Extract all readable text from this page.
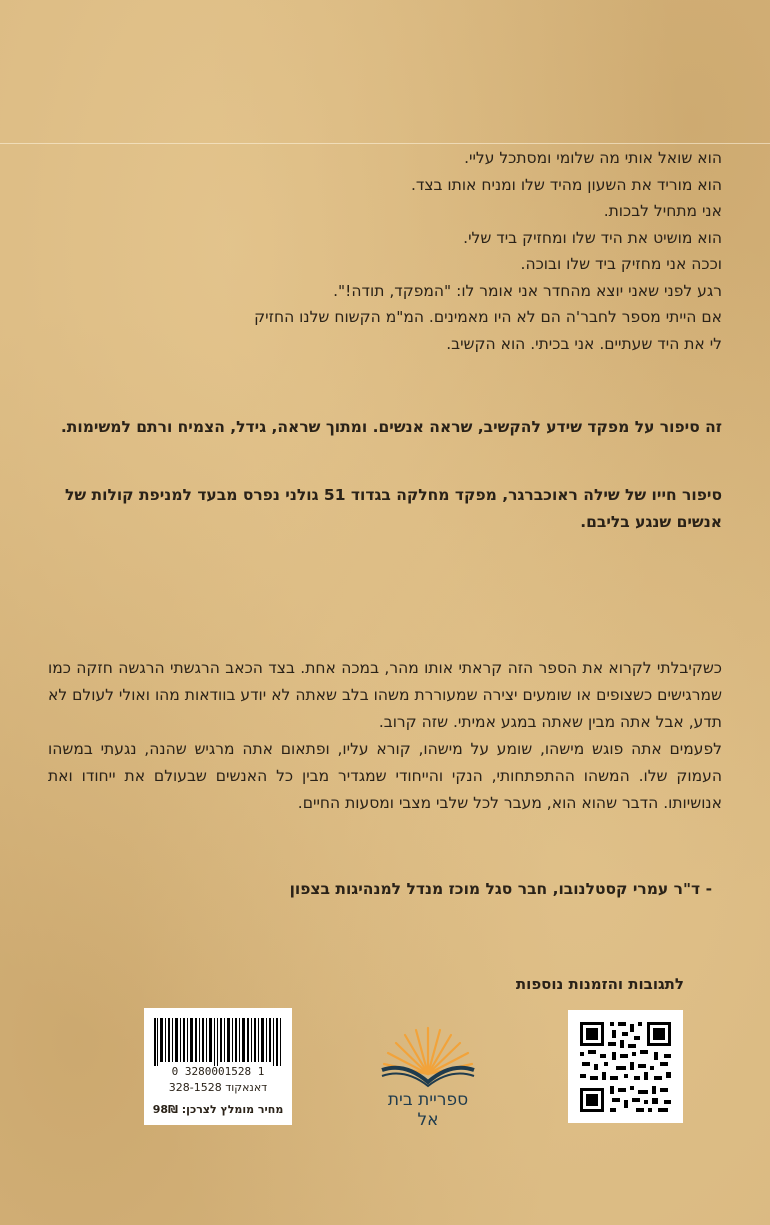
הוא שואל אותי מה שלומי ומסתכל עליי.

הוא מוריד את השעון מהיד שלו ומניח אותו בצד.

אני מתחיל לבכות.

הוא מושיט את היד שלו ומחזיק ביד שלי.

וככה אני מחזיק ביד שלו ובוכה.

רגע לפני שאני יוצא מהחדר אני אומר לו: "המפקד, תודה!".

אם הייתי מספר לחבר'ה הם לא היו מאמינים. המ"מ הקשוח שלנו החזיק

לי את היד שעתיים. אני בכיתי. הוא הקשיב.

זה סיפור על מפקד שידע להקשיב, שראה אנשים. ומתוך שראה, גידל, הצמיח ורתם למשימות.

סיפור חייו של שילה ראוכברגר, מפקד מחלקה בגדוד 51 גולני נפרס מבעד למניפת קולות של אנשים שנגע בליבם.

כשקיבלתי לקרוא את הספר הזה קראתי אותו מהר, במכה אחת. בצד הכאב הרגשתי הרגשה חזקה כמו שמרגישים כשצופים או שומעים יצירה שמעוררת משהו בלב שאתה לא יודע בוודאות מהו ואולי לעולם לא תדע, אבל אתה מבין שאתה במגע אמיתי. שזה קרוב.

לפעמים אתה פוגש מישהו, שומע על מישהו, קורא עליו, ופתאום אתה מרגיש שהנה, נגעתי במשהו העמוק שלו. המשהו ההתפתחותי, הנקי והייחודי שמגדיר מבין כל האנשים שבעולם את ייחודו ואת אנושיותו. הדבר שהוא הוא, מעבר לכל שלבי מצבי ומסעות החיים.

- ד"ר עמרי קסטלנובו, חבר סגל מוכז מנדל למנהיגות בצפון
לתגובות והזמנות נוספות
ספריית בית אל
0 3280001528 1
דאנאקוד 328-1528
מחיר מומלץ לצרכן: 98₪
